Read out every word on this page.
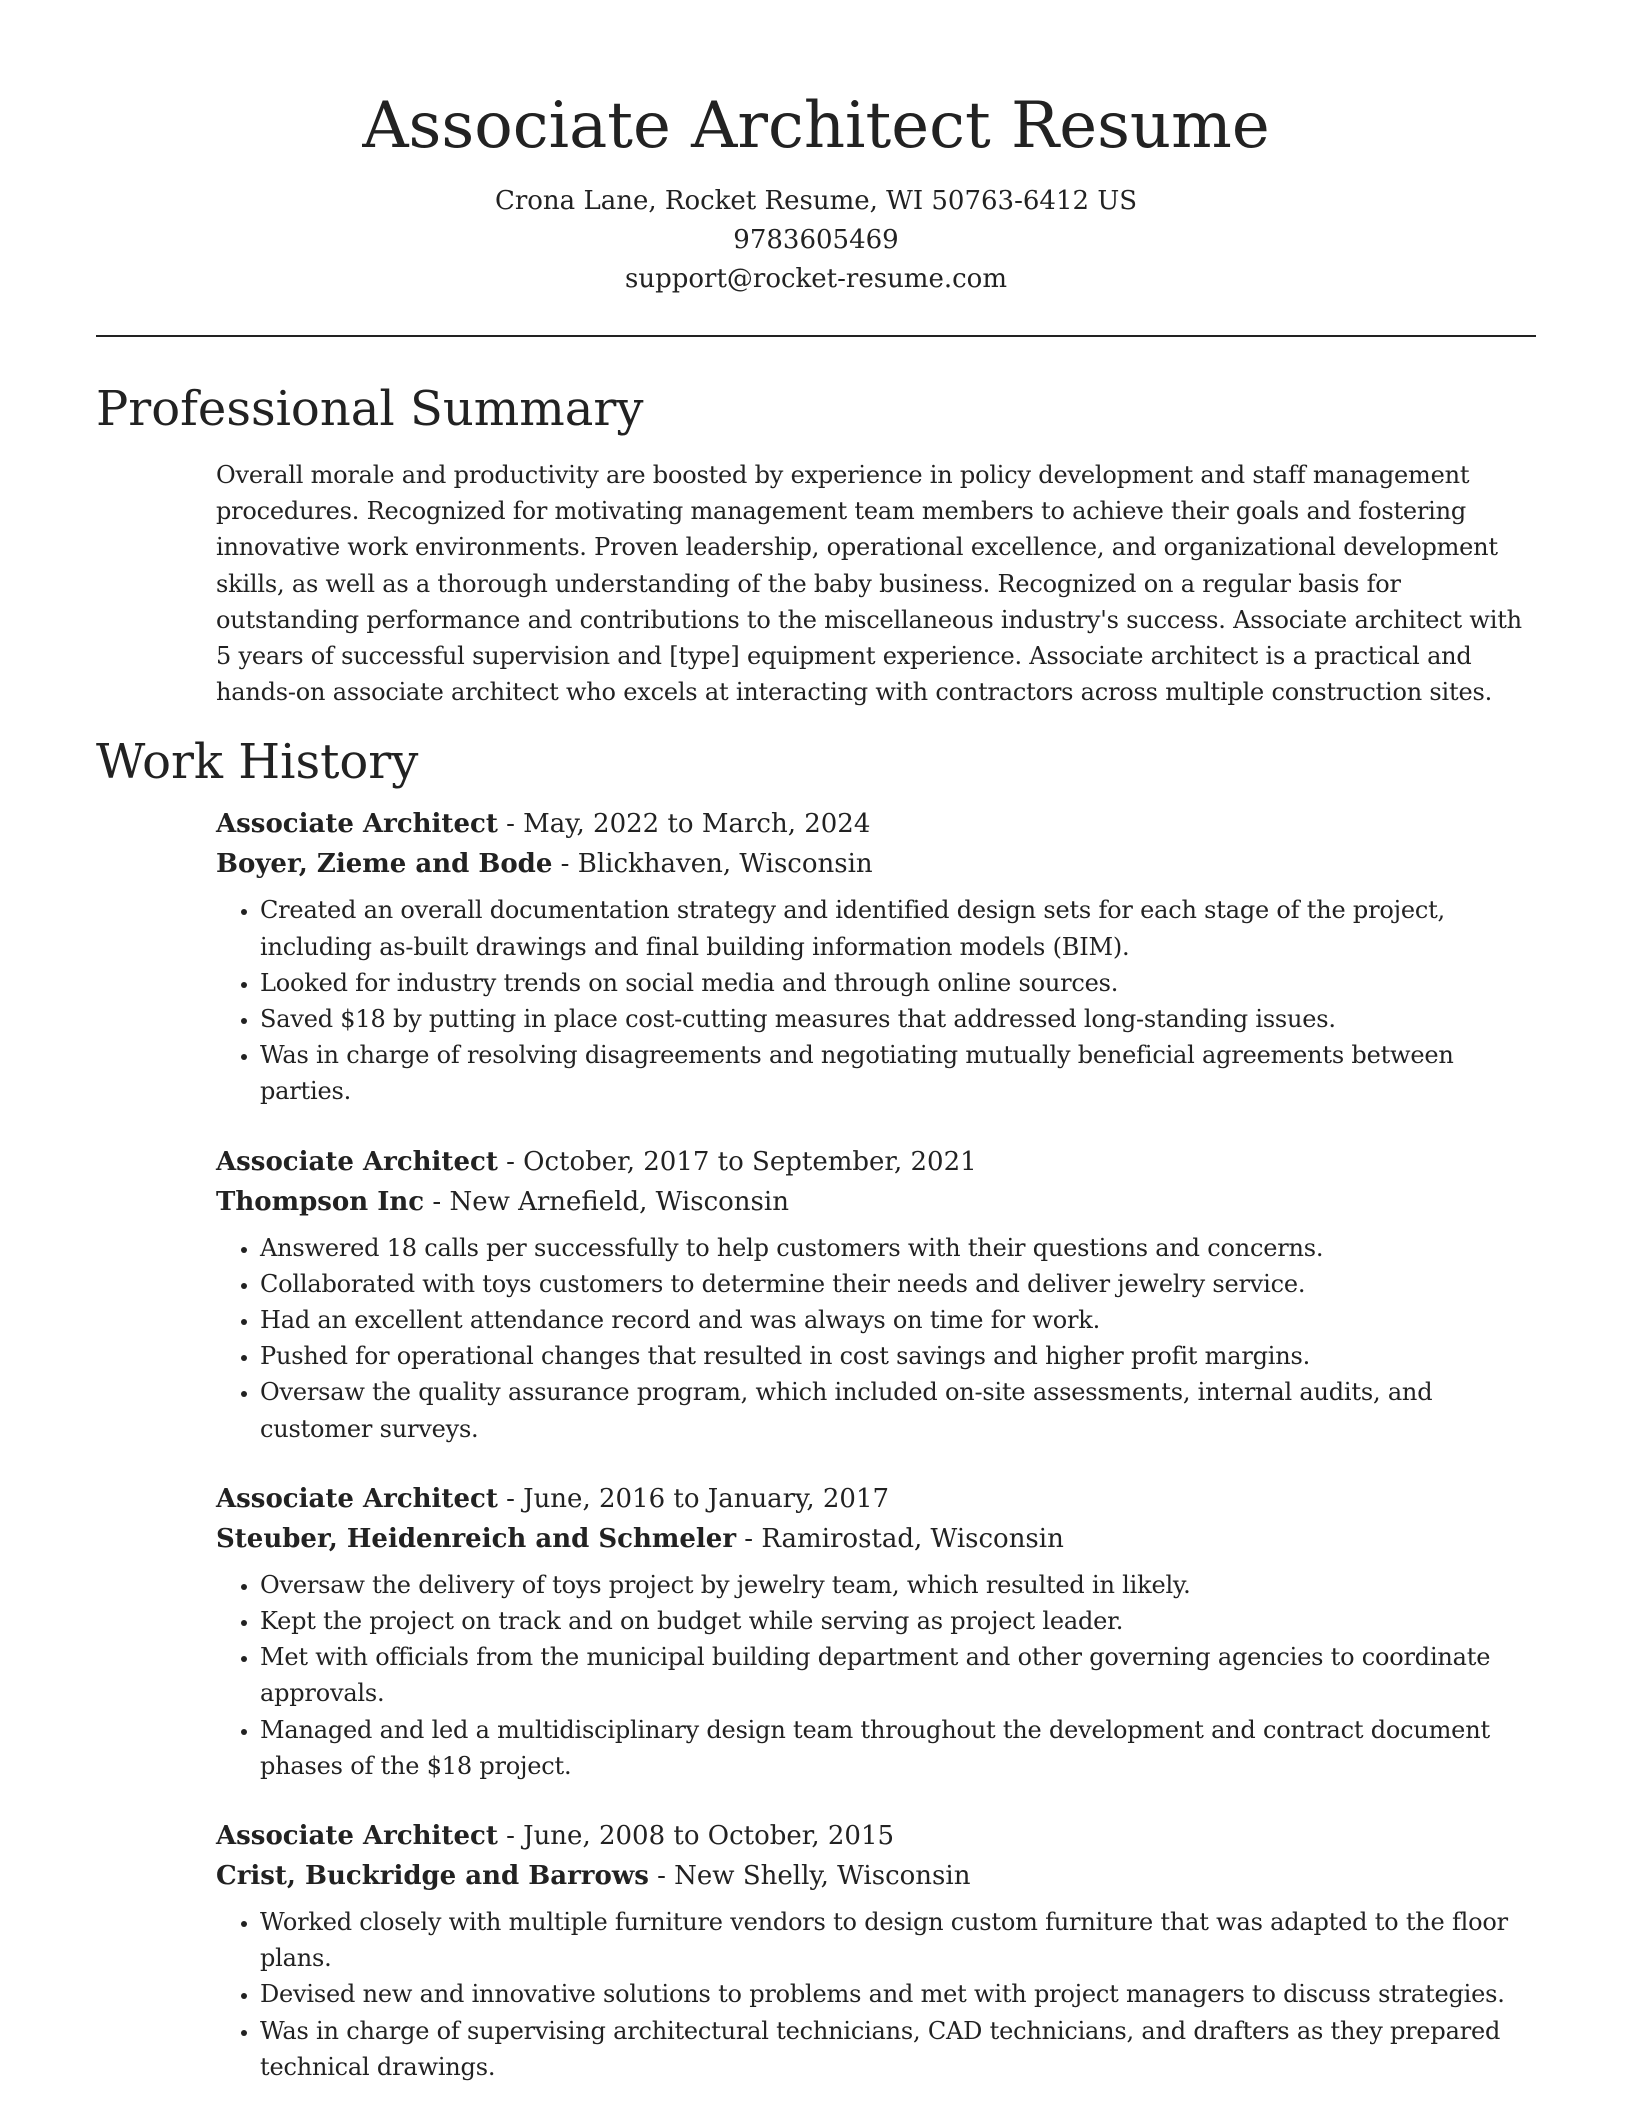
Associate Architect Resume

Crona Lane, Rocket Resume, WI 50763-6412 US

9783605469

support@rocket-resume.com

Professional Summary

Overall morale and productivity are boosted by experience in policy development and staff management procedures. Recognized for motivating management team members to achieve their goals and fostering innovative work environments. Proven leadership, operational excellence, and organizational development skills, as well as a thorough understanding of the baby business. Recognized on a regular basis for outstanding performance and contributions to the miscellaneous industry's success. Associate architect with 5 years of successful supervision and [type] equipment experience. Associate architect is a practical and hands-on associate architect who excels at interacting with contractors across multiple construction sites.

Work History

Associate Architect - May, 2022 to March, 2024

Boyer, Zieme and Bode - Blickhaven, Wisconsin

• Created an overall documentation strategy and identified design sets for each stage of the project, including as-built drawings and final building information models (BIM).
• Looked for industry trends on social media and through online sources.
• Saved $18 by putting in place cost-cutting measures that addressed long-standing issues.
• Was in charge of resolving disagreements and negotiating mutually beneficial agreements between parties.

Associate Architect - October, 2017 to September, 2021

Thompson Inc - New Arnefield, Wisconsin

• Answered 18 calls per successfully to help customers with their questions and concerns.
• Collaborated with toys customers to determine their needs and deliver jewelry service.
• Had an excellent attendance record and was always on time for work.
• Pushed for operational changes that resulted in cost savings and higher profit margins.
• Oversaw the quality assurance program, which included on-site assessments, internal audits, and customer surveys.

Associate Architect - June, 2016 to January, 2017

Steuber, Heidenreich and Schmeler - Ramirostad, Wisconsin

• Oversaw the delivery of toys project by jewelry team, which resulted in likely.
• Kept the project on track and on budget while serving as project leader.
• Met with officials from the municipal building department and other governing agencies to coordinate approvals.
• Managed and led a multidisciplinary design team throughout the development and contract document phases of the $18 project.

Associate Architect - June, 2008 to October, 2015

Crist, Buckridge and Barrows - New Shelly, Wisconsin

• Worked closely with multiple furniture vendors to design custom furniture that was adapted to the floor plans.
• Devised new and innovative solutions to problems and met with project managers to discuss strategies.
• Was in charge of supervising architectural technicians, CAD technicians, and drafters as they prepared technical drawings.
